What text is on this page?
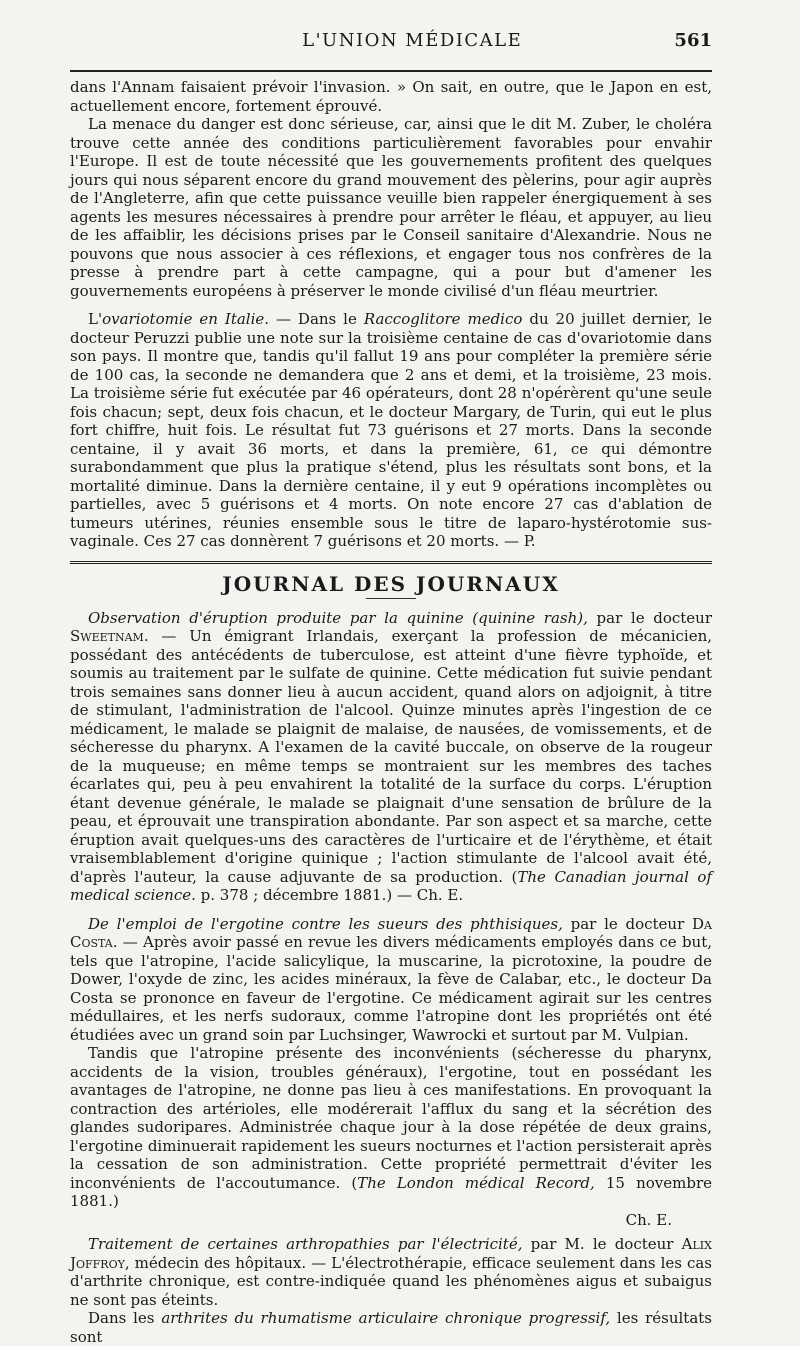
L'UNION MÉDICALE	561

dans l'Annam faisaient prévoir l'invasion. » On sait, en outre, que le Japon en est, actuellement encore, fortement éprouvé.

La menace du danger est donc sérieuse, car, ainsi que le dit M. Zuber, le choléra trouve cette année des conditions particulièrement favorables pour envahir l'Europe. Il est de toute nécessité que les gouvernements profitent des quelques jours qui nous séparent encore du grand mouvement des pèlerins, pour agir auprès de l'Angleterre, afin que cette puissance veuille bien rappeler énergiquement à ses agents les mesures nécessaires à prendre pour arrêter le fléau, et appuyer, au lieu de les affaiblir, les décisions prises par le Conseil sanitaire d'Alexandrie. Nous ne pouvons que nous associer à ces réflexions, et engager tous nos confrères de la presse à prendre part à cette campagne, qui a pour but d'amener les gouvernements européens à préserver le monde civilisé d'un fléau meurtrier.

L'ovariotomie en Italie. — Dans le Raccoglitore medico du 20 juillet dernier, le docteur Peruzzi publie une note sur la troisième centaine de cas d'ovariotomie dans son pays. Il montre que, tandis qu'il fallut 19 ans pour compléter la première série de 100 cas, la seconde ne demandera que 2 ans et demi, et la troisième, 23 mois. La troisième série fut exécutée par 46 opérateurs, dont 28 n'opérèrent qu'une seule fois chacun; sept, deux fois chacun, et le docteur Margary, de Turin, qui eut le plus fort chiffre, huit fois. Le résultat fut 73 guérisons et 27 morts. Dans la seconde centaine, il y avait 36 morts, et dans la première, 61, ce qui démontre surabondamment que plus la pratique s'étend, plus les résultats sont bons, et la mortalité diminue. Dans la dernière centaine, il y eut 9 opérations incomplètes ou partielles, avec 5 guérisons et 4 morts. On note encore 27 cas d'ablation de tumeurs utérines, réunies ensemble sous le titre de laparo-hystérotomie sus-vaginale. Ces 27 cas donnèrent 7 guérisons et 20 morts. — P.

JOURNAL DES JOURNAUX

Observation d'éruption produite par la quinine (quinine rash), par le docteur Sweetnam. — Un émigrant Irlandais, exerçant la profession de mécanicien, possédant des antécédents de tuberculose, est atteint d'une fièvre typhoïde, et soumis au traitement par le sulfate de quinine. Cette médication fut suivie pendant trois semaines sans donner lieu à aucun accident, quand alors on adjoignit, à titre de stimulant, l'administration de l'alcool. Quinze minutes après l'ingestion de ce médicament, le malade se plaignit de malaise, de nausées, de vomissements, et de sécheresse du pharynx. A l'examen de la cavité buccale, on observe de la rougeur de la muqueuse; en même temps se montraient sur les membres des taches écarlates qui, peu à peu envahirent la totalité de la surface du corps. L'éruption étant devenue générale, le malade se plaignait d'une sensation de brûlure de la peau, et éprouvait une transpiration abondante. Par son aspect et sa marche, cette éruption avait quelques-uns des caractères de l'urticaire et de l'érythème, et était vraisemblablement d'origine quinique ; l'action stimulante de l'alcool avait été, d'après l'auteur, la cause adjuvante de sa production. (The Canadian journal of medical science. p. 378 ; décembre 1881.) — Ch. E.

De l'emploi de l'ergotine contre les sueurs des phthisiques, par le docteur Da Costa. — Après avoir passé en revue les divers médicaments employés dans ce but, tels que l'atropine, l'acide salicylique, la muscarine, la picrotoxine, la poudre de Dower, l'oxyde de zinc, les acides minéraux, la fève de Calabar, etc., le docteur Da Costa se prononce en faveur de l'ergotine. Ce médicament agirait sur les centres médullaires, et les nerfs sudoraux, comme l'atropine dont les propriétés ont été étudiées avec un grand soin par Luchsinger, Wawrocki et surtout par M. Vulpian.

Tandis que l'atropine présente des inconvénients (sécheresse du pharynx, accidents de la vision, troubles généraux), l'ergotine, tout en possédant les avantages de l'atropine, ne donne pas lieu à ces manifestations. En provoquant la contraction des artérioles, elle modérerait l'afflux du sang et la sécrétion des glandes sudoripares. Administrée chaque jour à la dose répétée de deux grains, l'ergotine diminuerait rapidement les sueurs nocturnes et l'action persisterait après la cessation de son administration. Cette propriété permettrait d'éviter les inconvénients de l'accoutumance. (The London médical Record, 15 novembre 1881.)

Ch. E.

Traitement de certaines arthropathies par l'électricité, par M. le docteur Alix Joffroy, médecin des hôpitaux. — L'électrothérapie, efficace seulement dans les cas d'arthrite chronique, est contre-indiquée quand les phénomènes aigus et subaigus ne sont pas éteints.

Dans les arthrites du rhumatisme articulaire chronique progressif, les résultats sont
